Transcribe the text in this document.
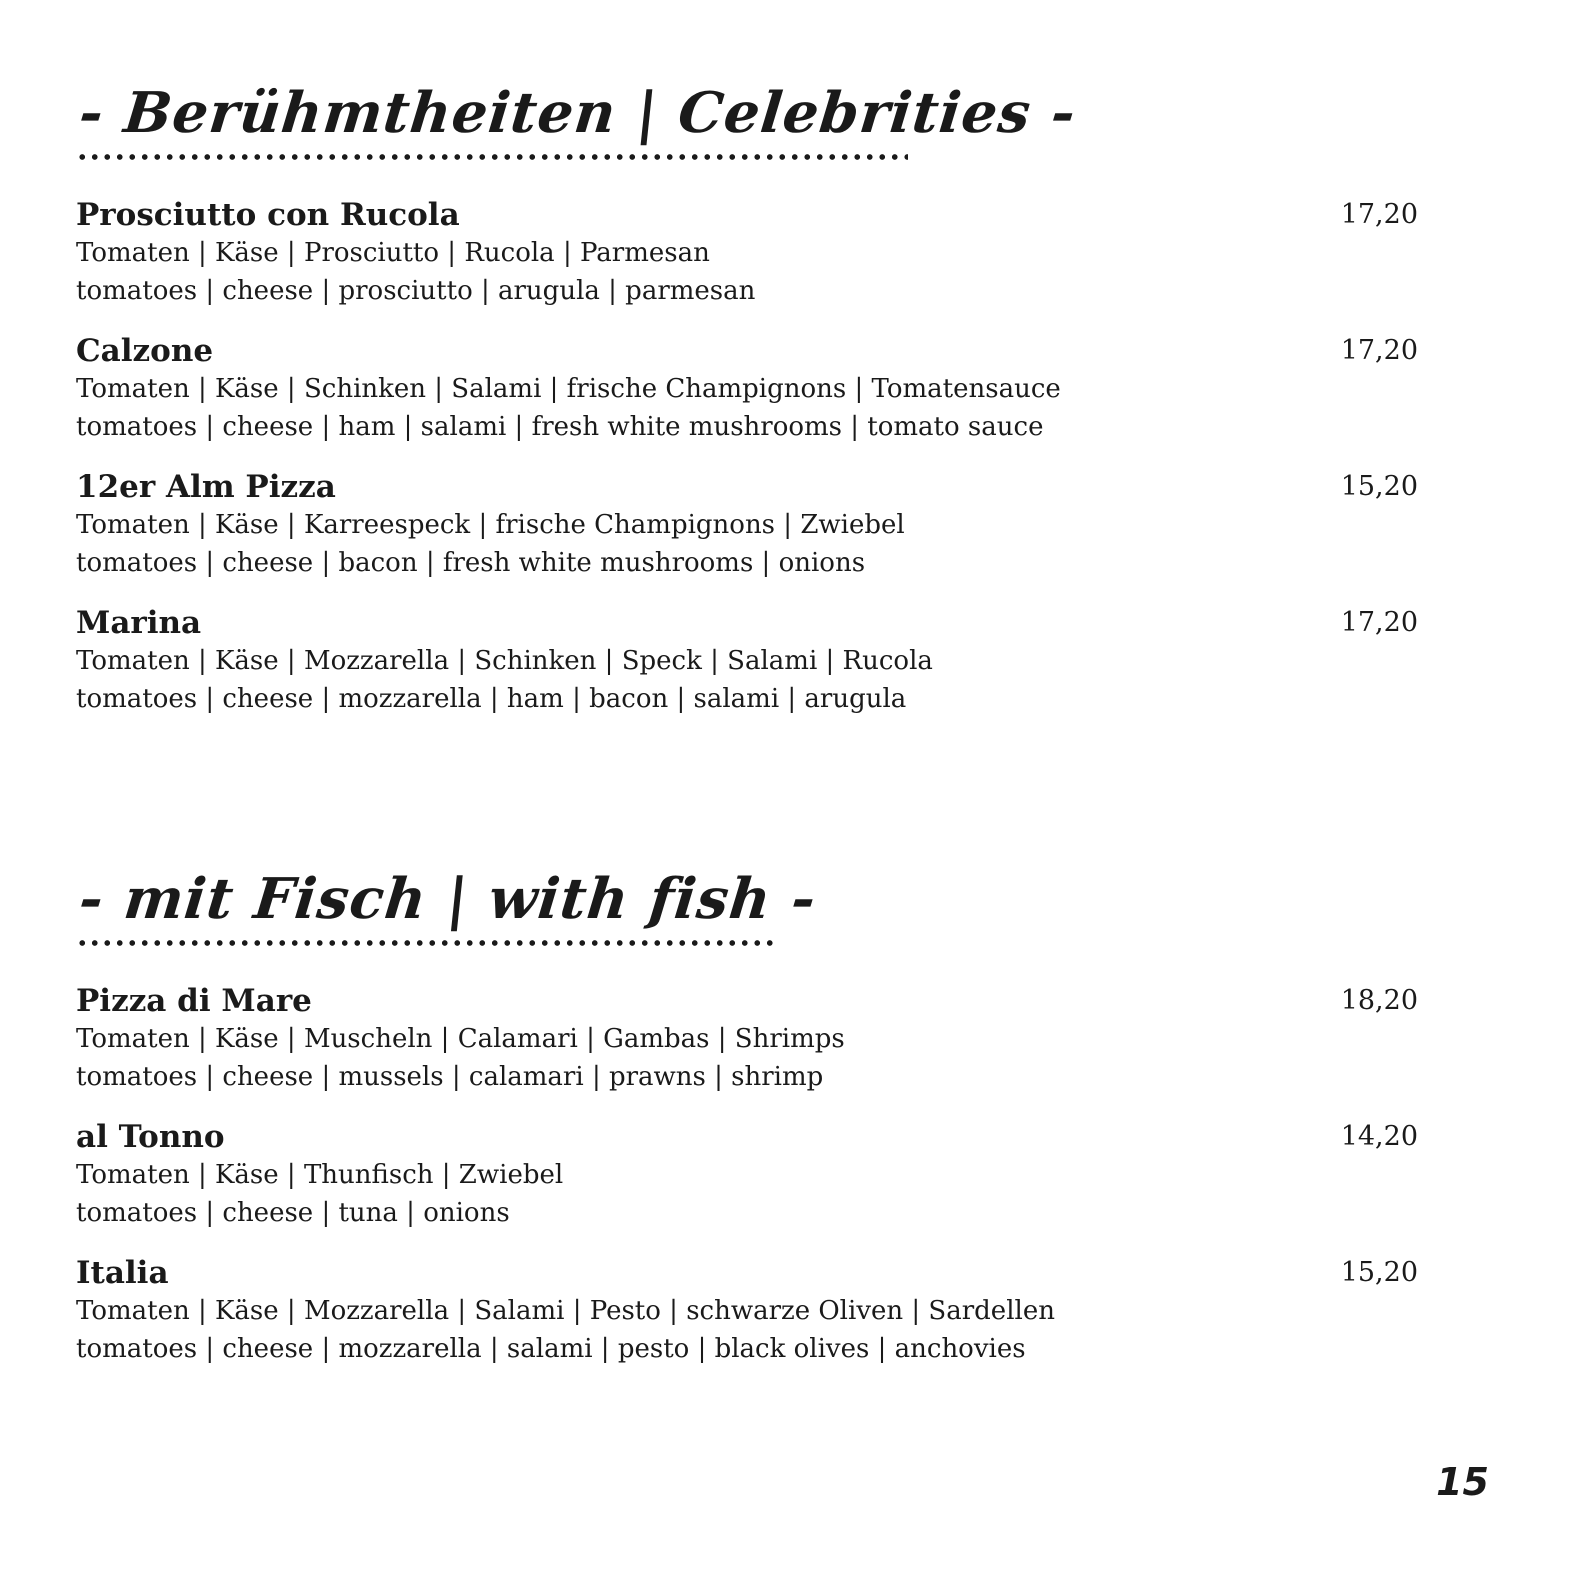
- Berühmtheiten | Celebrities -
Prosciutto con Rucola	17,20
Tomaten | Käse | Prosciutto | Rucola | Parmesan
tomatoes | cheese | prosciutto | arugula | parmesan
Calzone	17,20
Tomaten | Käse | Schinken | Salami | frische Champignons | Tomatensauce
tomatoes | cheese | ham | salami | fresh white mushrooms | tomato sauce
12er Alm Pizza	15,20
Tomaten | Käse | Karreespeck | frische Champignons | Zwiebel
tomatoes | cheese | bacon | fresh white mushrooms | onions
Marina	17,20
Tomaten | Käse | Mozzarella | Schinken | Speck | Salami | Rucola
tomatoes | cheese | mozzarella | ham | bacon | salami | arugula
- mit Fisch | with fish -
Pizza di Mare	18,20
Tomaten | Käse | Muscheln | Calamari | Gambas | Shrimps
tomatoes | cheese | mussels | calamari | prawns | shrimp
al Tonno	14,20
Tomaten | Käse | Thunfisch | Zwiebel
tomatoes | cheese | tuna | onions
Italia	15,20
Tomaten | Käse | Mozzarella | Salami | Pesto | schwarze Oliven | Sardellen
tomatoes | cheese | mozzarella | salami | pesto | black olives | anchovies
15
